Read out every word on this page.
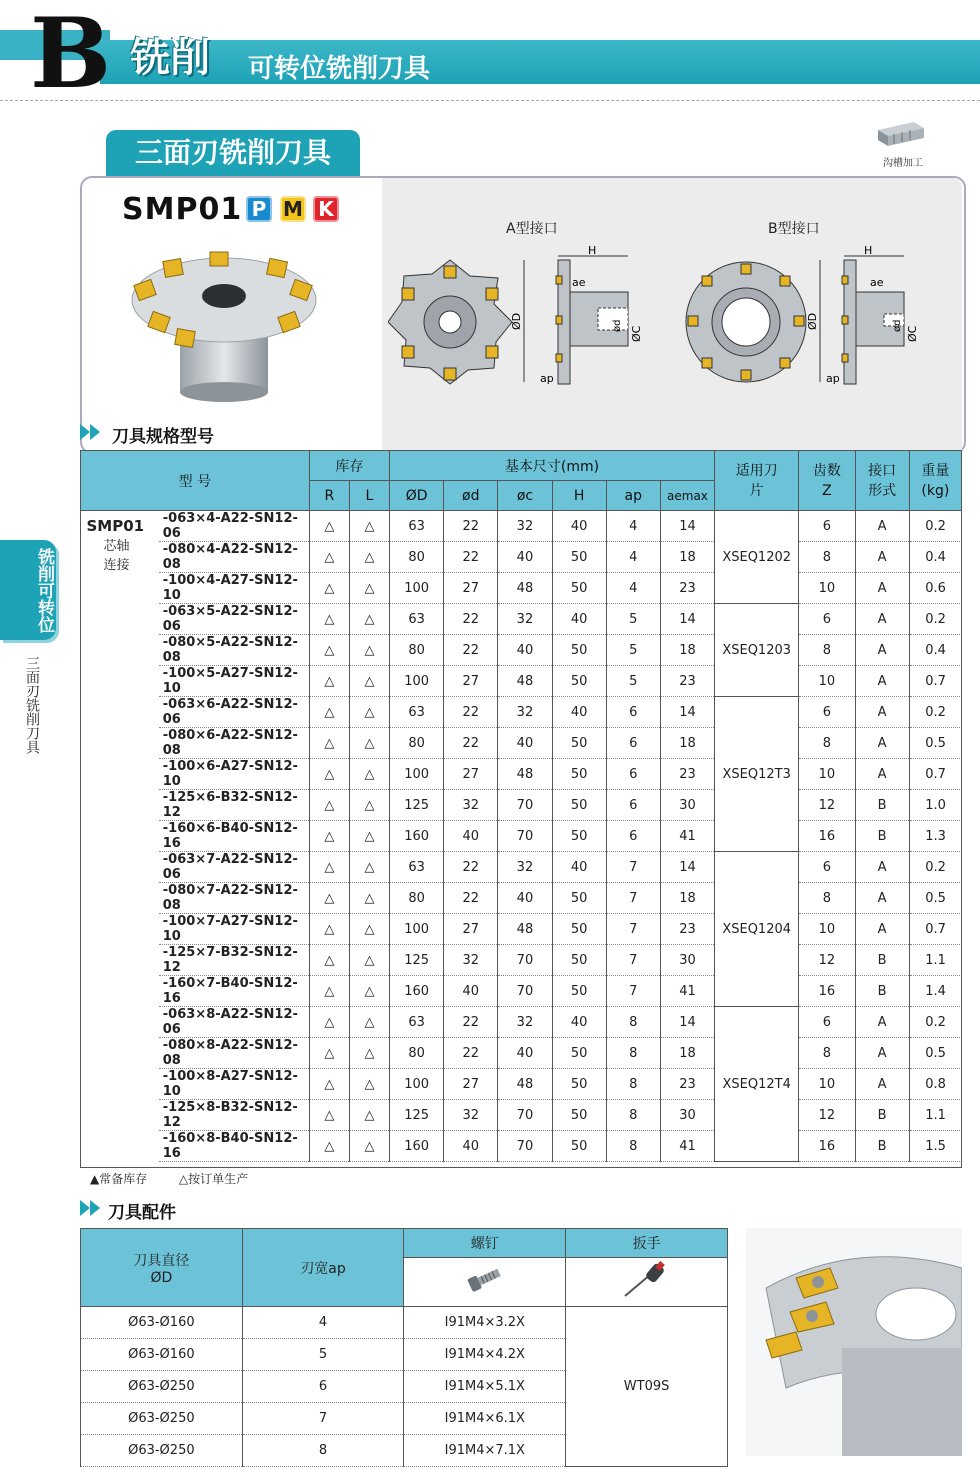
B 铣削 可转位铣削刀具
三面刃铣削刀具	沟槽加工
SMP01 P M K
A型接口	B型接口
ØD
H
ae
ØC
ød
ap
ØD
H
ae
ØC
ød
ap
刀具规格型号
铣削可转位
三面刃铣削刀具
型 号		库存		基本尺寸(mm)						适用刀片	齿数Z	接口形式	重量(kg)
		R	L	ØD	ød	øc	H	ap	aemax				

SMP01
芯轴
连接	-063×4-A22-SN12-06	△	△	63	22	32	40	4	14	XSEQ1202	6	A	0.2
	-080×4-A22-SN12-08	△	△	80	22	40	50	4	18		8	A	0.4
	-100×4-A27-SN12-10	△	△	100	27	48	50	4	23		10	A	0.6
	-063×5-A22-SN12-06	△	△	63	22	32	40	5	14	XSEQ1203	6	A	0.2
	-080×5-A22-SN12-08	△	△	80	22	40	50	5	18		8	A	0.4
	-100×5-A27-SN12-10	△	△	100	27	48	50	5	23		10	A	0.7
	-063×6-A22-SN12-06	△	△	63	22	32	40	6	14	XSEQ12T3	6	A	0.2
	-080×6-A22-SN12-08	△	△	80	22	40	50	6	18		8	A	0.5
	-100×6-A27-SN12-10	△	△	100	27	48	50	6	23		10	A	0.7
	-125×6-B32-SN12-12	△	△	125	32	70	50	6	30		12	B	1.0
	-160×6-B40-SN12-16	△	△	160	40	70	50	6	41		16	B	1.3
	-063×7-A22-SN12-06	△	△	63	22	32	40	7	14	XSEQ1204	6	A	0.2
	-080×7-A22-SN12-08	△	△	80	22	40	50	7	18		8	A	0.5
	-100×7-A27-SN12-10	△	△	100	27	48	50	7	23		10	A	0.7
	-125×7-B32-SN12-12	△	△	125	32	70	50	7	30		12	B	1.1
	-160×7-B40-SN12-16	△	△	160	40	70	50	7	41		16	B	1.4
	-063×8-A22-SN12-06	△	△	63	22	32	40	8	14	XSEQ12T4	6	A	0.2
	-080×8-A22-SN12-08	△	△	80	22	40	50	8	18		8	A	0.5
	-100×8-A27-SN12-10	△	△	100	27	48	50	8	23		10	A	0.8
	-125×8-B32-SN12-12	△	△	125	32	70	50	8	30		12	B	1.1
	-160×8-B40-SN12-16	△	△	160	40	70	50	8	41		16	B	1.5
▲常备库存	△按订单生产
刀具配件
刀具直径
ØD	刃宽ap	螺钉	扳手

Ø63-Ø160	4	I91M4×3.2X	WT09S
Ø63-Ø160	5	I91M4×4.2X	
Ø63-Ø250	6	I91M4×5.1X	
Ø63-Ø250	7	I91M4×6.1X	
Ø63-Ø250	8	I91M4×7.1X	
